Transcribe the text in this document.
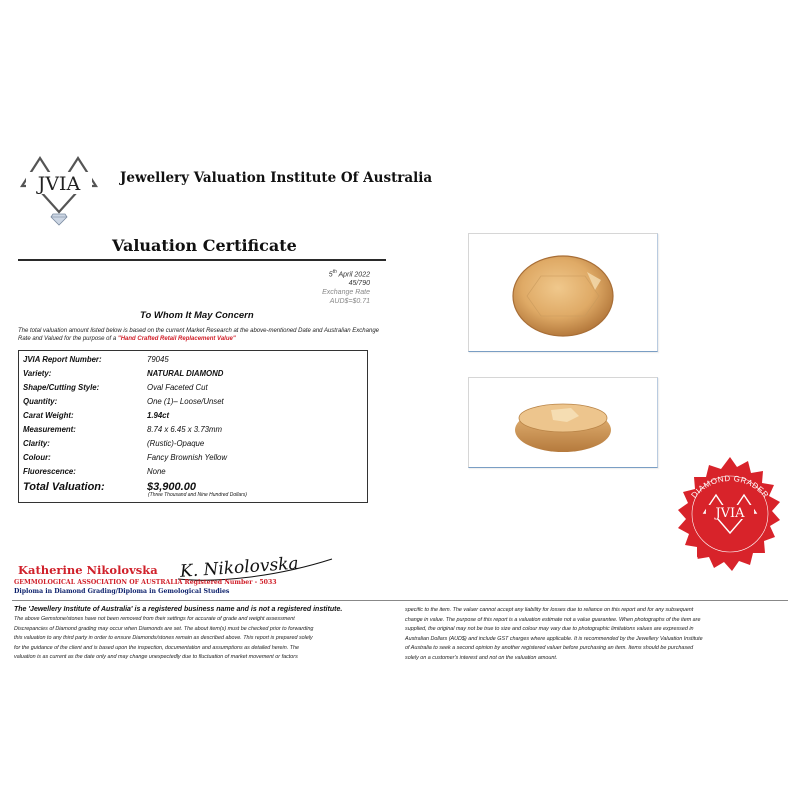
JVIA	Jewellery Valuation Institute Of Australia
Valuation Certificate
5th April 2022
45/790
Exchange Rate
AUD$=$0.71
To Whom It May Concern
The total valuation amount listed below is based on the current Market Research at the above-mentioned Date and Australian Exchange Rate and Valued for the purpose of a "Hand Crafted Retail Replacement Value"
JVIA Report Number:	79045
Variety:	NATURAL DIAMOND
Shape/Cutting Style:	Oval Faceted Cut
Quantity:	One (1)– Loose/Unset
Carat Weight:	1.94ct
Measurement:	8.74 x 6.45 x 3.73mm
Clarity:	(Rustic)-Opaque
Colour:	Fancy Brownish Yellow
Fluorescence:	None
Total Valuation:	$3,900.00
(Three Thousand and Nine Hundred Dollars)
Katherine Nikolovska K. Nikolovska
GEMMOLOGICAL ASSOCIATION OF AUSTRALIA Registered Number - 5033
Diploma in Diamond Grading/Diploma in Gemological Studies
The 'Jewellery Institute of Australia' is a registered business name and is not a registered institute.
The above Gemstone/stones have not been removed from their settings for accurate of grade and weight assessment
Discrepancies of Diamond grading may occur when Diamonds are set. The about item(s) must be checked prior to forwarding
this valuation to any third party in order to ensure Diamonds/stones remain as described above. This report is prepared solely
for the guidance of the client and is based upon the inspection, documentation and assumptions as detailed herein. The
valuation is as current as the date only and may change unexpectedly due to fluctuation of market movement or factors
specific to the item. The valuer cannot accept any liability for losses due to reliance on this report and for any subsequent
change in value. The purpose of this report is a valuation estimate not a value guarantee. When photographs of the item are
supplied, the original may not be true to size and colour may vary due to photographic limitations values are expressed in
Australian Dollars (AUD$) and include GST charges where applicable. It is recommended by the Jewellery Valuation Institute
of Australia to seek a second opinion by another registered valuer before purchasing an item. Items should be purchased
solely on a customer's interest and not on the valuation amount.
DIAMOND GRADER
GEMMOLOGIST NO.5033
JVIA
